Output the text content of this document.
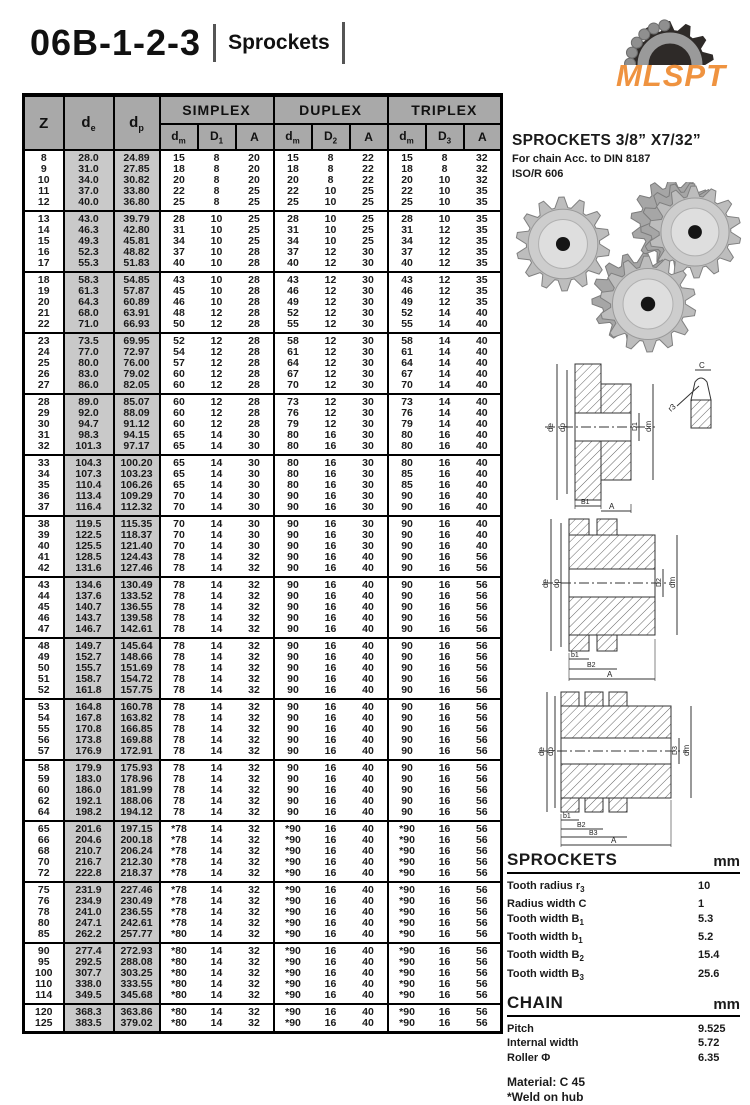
06B-1-2-3 Sprockets
MLSPT
Z	$d_e$	$d_p$	SIMPLEX			DUPLEX			TRIPLEX		
			$d_m$	$D_1$	A	$d_m$	$D_2$	A	$d_m$	$D_3$	A
8	28.0	24.89	15	8	20	15	8	22	15	8	32
9	31.0	27.85	18	8	20	18	8	22	18	8	32
10	34.0	30.82	20	8	20	20	8	22	20	10	32
11	37.0	33.80	22	8	25	22	10	25	22	10	35
12	40.0	36.80	25	8	25	25	10	25	25	10	35
13	43.0	39.79	28	10	25	28	10	25	28	10	35
14	46.3	42.80	31	10	25	31	10	25	31	12	35
15	49.3	45.81	34	10	25	34	10	25	34	12	35
16	52.3	48.82	37	10	28	37	12	30	37	12	35
17	55.3	51.83	40	10	28	40	12	30	40	12	35
18	58.3	54.85	43	10	28	43	12	30	43	12	35
19	61.3	57.87	45	10	28	46	12	30	46	12	35
20	64.3	60.89	46	10	28	49	12	30	49	12	35
21	68.0	63.91	48	12	28	52	12	30	52	14	40
22	71.0	66.93	50	12	28	55	12	30	55	14	40
23	73.5	69.95	52	12	28	58	12	30	58	14	40
24	77.0	72.97	54	12	28	61	12	30	61	14	40
25	80.0	76.00	57	12	28	64	12	30	64	14	40
26	83.0	79.02	60	12	28	67	12	30	67	14	40
27	86.0	82.05	60	12	28	70	12	30	70	14	40
28	89.0	85.07	60	12	28	73	12	30	73	14	40
29	92.0	88.09	60	12	28	76	12	30	76	14	40
30	94.7	91.12	60	12	28	79	12	30	79	14	40
31	98.3	94.15	65	14	30	80	16	30	80	16	40
32	101.3	97.17	65	14	30	80	16	30	80	16	40
33	104.3	100.20	65	14	30	80	16	30	80	16	40
34	107.3	103.23	65	14	30	80	16	30	85	16	40
35	110.4	106.26	65	14	30	80	16	30	85	16	40
36	113.4	109.29	70	14	30	90	16	30	90	16	40
37	116.4	112.32	70	14	30	90	16	30	90	16	40
38	119.5	115.35	70	14	30	90	16	30	90	16	40
39	122.5	118.37	70	14	30	90	16	30	90	16	40
40	125.5	121.40	70	14	30	90	16	30	90	16	40
41	128.5	124.43	78	14	32	90	16	40	90	16	56
42	131.6	127.46	78	14	32	90	16	40	90	16	56
43	134.6	130.49	78	14	32	90	16	40	90	16	56
44	137.6	133.52	78	14	32	90	16	40	90	16	56
45	140.7	136.55	78	14	32	90	16	40	90	16	56
46	143.7	139.58	78	14	32	90	16	40	90	16	56
47	146.7	142.61	78	14	32	90	16	40	90	16	56
48	149.7	145.64	78	14	32	90	16	40	90	16	56
49	152.7	148.66	78	14	32	90	16	40	90	16	56
50	155.7	151.69	78	14	32	90	16	40	90	16	56
51	158.7	154.72	78	14	32	90	16	40	90	16	56
52	161.8	157.75	78	14	32	90	16	40	90	16	56
53	164.8	160.78	78	14	32	90	16	40	90	16	56
54	167.8	163.82	78	14	32	90	16	40	90	16	56
55	170.8	166.85	78	14	32	90	16	40	90	16	56
56	173.8	169.88	78	14	32	90	16	40	90	16	56
57	176.9	172.91	78	14	32	90	16	40	90	16	56
58	179.9	175.93	78	14	32	90	16	40	90	16	56
59	183.0	178.96	78	14	32	90	16	40	90	16	56
60	186.0	181.99	78	14	32	90	16	40	90	16	56
62	192.1	188.06	78	14	32	90	16	40	90	16	56
64	198.2	194.12	78	14	32	90	16	40	90	16	56
65	201.6	197.15	*78	14	32	*90	16	40	*90	16	56
66	204.6	200.18	*78	14	32	*90	16	40	*90	16	56
68	210.7	206.24	*78	14	32	*90	16	40	*90	16	56
70	216.7	212.30	*78	14	32	*90	16	40	*90	16	56
72	222.8	218.37	*78	14	32	*90	16	40	*90	16	56
75	231.9	227.46	*78	14	32	*90	16	40	*90	16	56
76	234.9	230.49	*78	14	32	*90	16	40	*90	16	56
78	241.0	236.55	*78	14	32	*90	16	40	*90	16	56
80	247.1	242.61	*78	14	32	*90	16	40	*90	16	56
85	262.2	257.77	*80	14	32	*90	16	40	*90	16	56
90	277.4	272.93	*80	14	32	*90	16	40	*90	16	56
95	292.5	288.08	*80	14	32	*90	16	40	*90	16	56
100	307.7	303.25	*80	14	32	*90	16	40	*90	16	56
110	338.0	333.55	*80	14	32	*90	16	40	*90	16	56
114	349.5	345.68	*80	14	32	*90	16	40	*90	16	56
120	368.3	363.86	*80	14	32	*90	16	40	*90	16	56
125	383.5	379.02	*80	14	32	*90	16	40	*90	16	56
SPROCKETS 3/8” X7/32”
For chain Acc. to DIN 8187
ISO/R 606
de dp	D1 dm
B1 A
C
r3
de dp	D2 dm
b1
B2
A
de dp	D3 dm
b1
B2
B3
A
SPROCKETS	mm
Tooth radius $r_3$	10
Radius width C	1
Tooth width $B_1$	5.3
Tooth width $b_1$	5.2
Tooth width $B_2$	15.4
Tooth width $B_3$	25.6
CHAIN	mm
Pitch	9.525
Internal width	5.72
Roller Φ	6.35
Material: C 45
*Weld on hub
